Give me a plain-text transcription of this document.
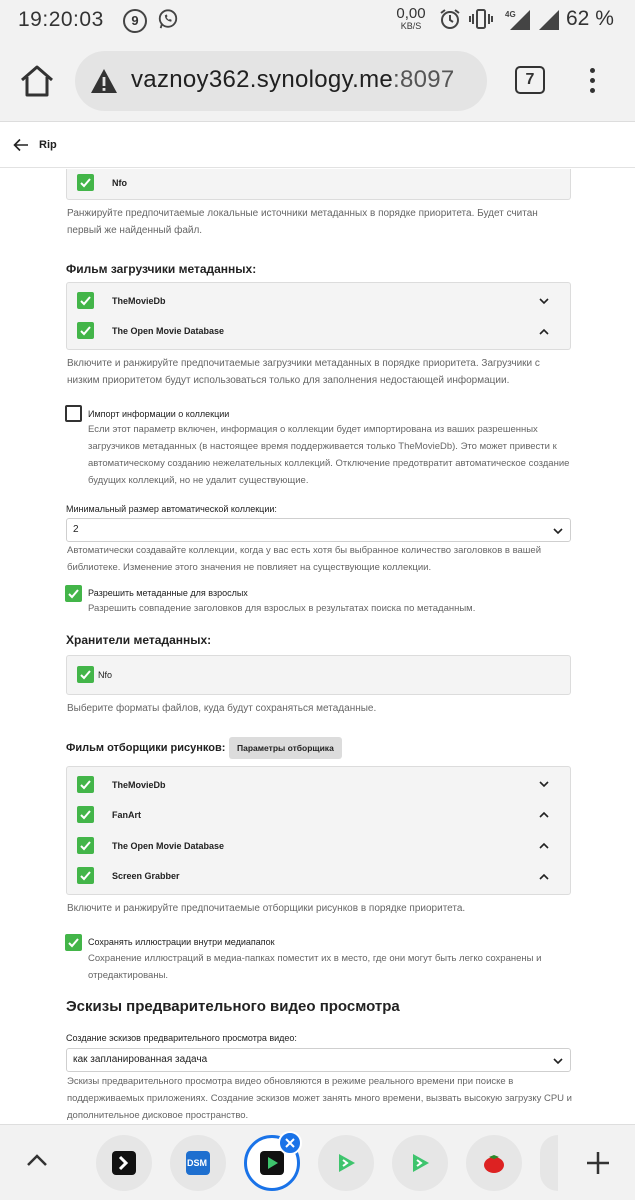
19:20:03	9	0,00
KB/S
4G 62 %
vaznoy362.synology.me:8097	7
Rip
Nfo
Ранжируйте предпочитаемые локальные источники метаданных в порядке приоритета. Будет считан первый же найденный файл.
Фильм загрузчики метаданных:
TheMovieDb
The Open Movie Database
Включите и ранжируйте предпочитаемые загрузчики метаданных в порядке приоритета. Загрузчики с низким приоритетом будут использоваться только для заполнения недостающей информации.
Импорт информации о коллекции
Если этот параметр включен, информация о коллекции будет импортирована из ваших разрешенных загрузчиков метаданных (в настоящее время поддерживается только TheMovieDb). Это может привести к автоматическому созданию нежелательных коллекций. Отключение предотвратит автоматическое создание будущих коллекций, но не удалит существующие.
Минимальный размер автоматической коллекции:
2
Автоматически создавайте коллекции, когда у вас есть хотя бы выбранное количество заголовков в вашей библиотеке. Изменение этого значения не повлияет на существующие коллекции.
Разрешить метаданные для взрослых
Разрешить совпадение заголовков для взрослых в результатах поиска по метаданным.
Хранители метаданных:
Nfo
Выберите форматы файлов, куда будут сохраняться метаданные.
Фильм отборщики рисунков:	Параметры отборщика
TheMovieDb
FanArt
The Open Movie Database
Screen Grabber
Включите и ранжируйте предпочитаемые отборщики рисунков в порядке приоритета.
Сохранять иллюстрации внутри медиапапок
Сохранение иллюстраций в медиа-папках поместит их в место, где они могут быть легко сохранены и отредактированы.
Эскизы предварительного видео просмотра
Создание эскизов предварительного просмотра видео:
как запланированная задача
Эскизы предварительного просмотра видео обновляются в режиме реального времени при поиске в поддерживаемых приложениях. Создание эскизов может занять много времени, вызвать высокую загрузку CPU и дополнительное дисковое пространство.
DSM
